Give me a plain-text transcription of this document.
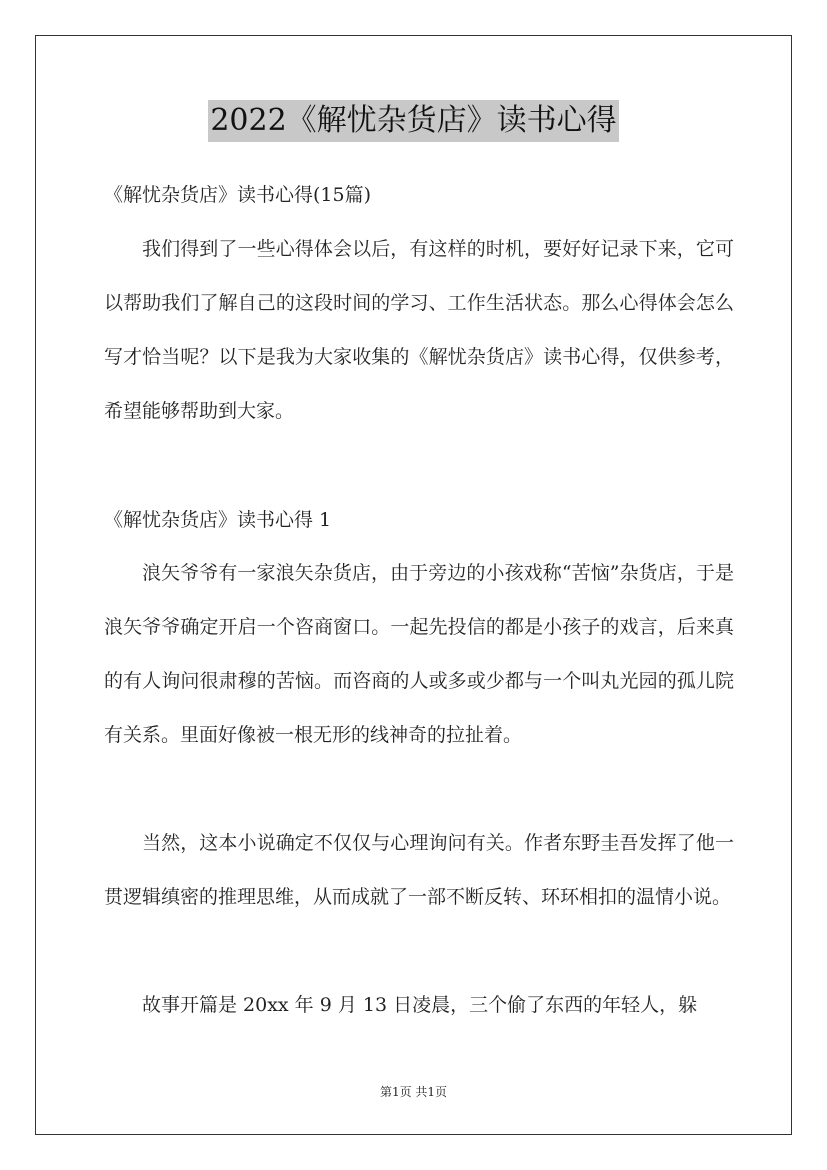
2022《解忧杂货店》读书心得

《解忧杂货店》读书心得(15篇)

我们得到了一些心得体会以后，有这样的时机，要好好记录下来，它可以帮助我们了解自己的这段时间的学习、工作生活状态。那么心得体会怎么写才恰当呢？以下是我为大家收集的《解忧杂货店》读书心得，仅供参考，希望能够帮助到大家。

《解忧杂货店》读书心得 1

浪矢爷爷有一家浪矢杂货店，由于旁边的小孩戏称“苦恼”杂货店，于是浪矢爷爷确定开启一个咨商窗口。一起先投信的都是小孩子的戏言，后来真的有人询问很肃穆的苦恼。而咨商的人或多或少都与一个叫丸光园的孤儿院有关系。里面好像被一根无形的线神奇的拉扯着。

当然，这本小说确定不仅仅与心理询问有关。作者东野圭吾发挥了他一贯逻辑缜密的推理思维，从而成就了一部不断反转、环环相扣的温情小说。

故事开篇是 20xx 年 9 月 13 日凌晨，三个偷了东西的年轻人，躲

第1页 共1页
